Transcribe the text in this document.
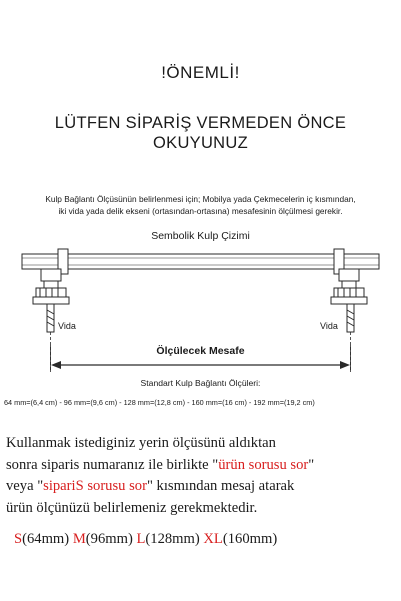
!ÖNEMLİ!
LÜTFEN SİPARİŞ VERMEDEN ÖNCE
OKUYUNUZ
Kulp Bağlantı Ölçüsünün belirlenmesi için; Mobilya yada Çekmecelerin iç kısmından,
iki vida yada delik ekseni (ortasından-ortasına) mesafesinin ölçülmesi gerekir.
Sembolik Kulp Çizimi
Vida	Vida
Ölçülecek Mesafe
Standart Kulp Bağlantı Ölçüleri:
64 mm=(6,4 cm) - 96 mm=(9,6 cm) - 128 mm=(12,8 cm) - 160 mm=(16 cm) - 192 mm=(19,2 cm)
Kullanmak istediginiz yerin ölçüsünü aldıktan
sonra siparis numaranız ile birlikte "ürün sorusu sor"
veya "sipariS sorusu sor" kısmından mesaj atarak
ürün ölçünüzü belirlemeniz gerekmektedir.
S(64mm) M(96mm) L(128mm) XL(160mm)
